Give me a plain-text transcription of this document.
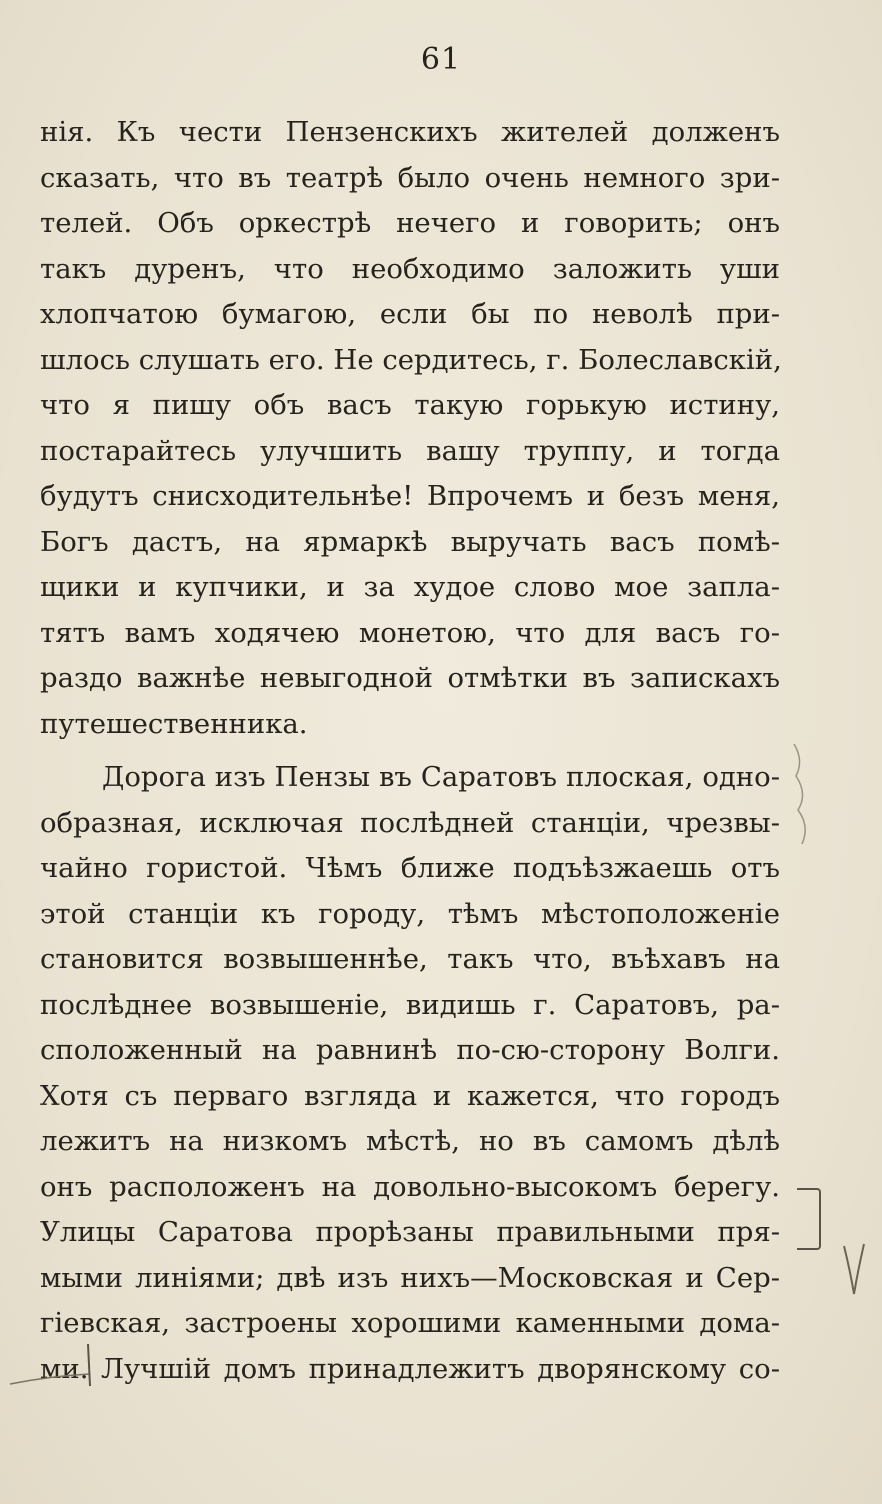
61
нія. Къ чести Пензенскихъ жителей долженъ
сказать, что въ театрѣ было очень немного зри-
телей. Объ оркестрѣ нечего и говорить; онъ
такъ дуренъ, что необходимо заложить уши
хлопчатою бумагою, если бы по неволѣ при-
шлось слушать его. Не сердитесь, г. Болеславскій,
что я пишу объ васъ такую горькую истину,
постарайтесь улучшить вашу труппу, и тогда
будутъ снисходительнѣе! Впрочемъ и безъ меня,
Богъ дастъ, на ярмаркѣ выручать васъ помѣ-
щики и купчики, и за худое слово мое запла-
тятъ вамъ ходячею монетою, что для васъ го-
раздо важнѣе невыгодной отмѣтки въ запискахъ
путешественника.
Дорога изъ Пензы въ Саратовъ плоская, одно-
образная, исключая послѣдней станціи, чрезвы-
чайно гористой. Чѣмъ ближе подъѣзжаешь отъ
этой станціи къ городу, тѣмъ мѣстоположеніе
становится возвышеннѣе, такъ что, въѣхавъ на
послѣднее возвышеніе, видишь г. Саратовъ, ра-
сположенный на равнинѣ по-сю-сторону Волги.
Хотя съ перваго взгляда и кажется, что городъ
лежитъ на низкомъ мѣстѣ, но въ самомъ дѣлѣ
онъ расположенъ на довольно-высокомъ берегу.
Улицы Саратова прорѣзаны правильными пря-
мыми линіями; двѣ изъ нихъ—Московская и Сер-
гіевская, застроены хорошими каменными дома-
ми. Лучшій домъ принадлежитъ дворянскому со-
